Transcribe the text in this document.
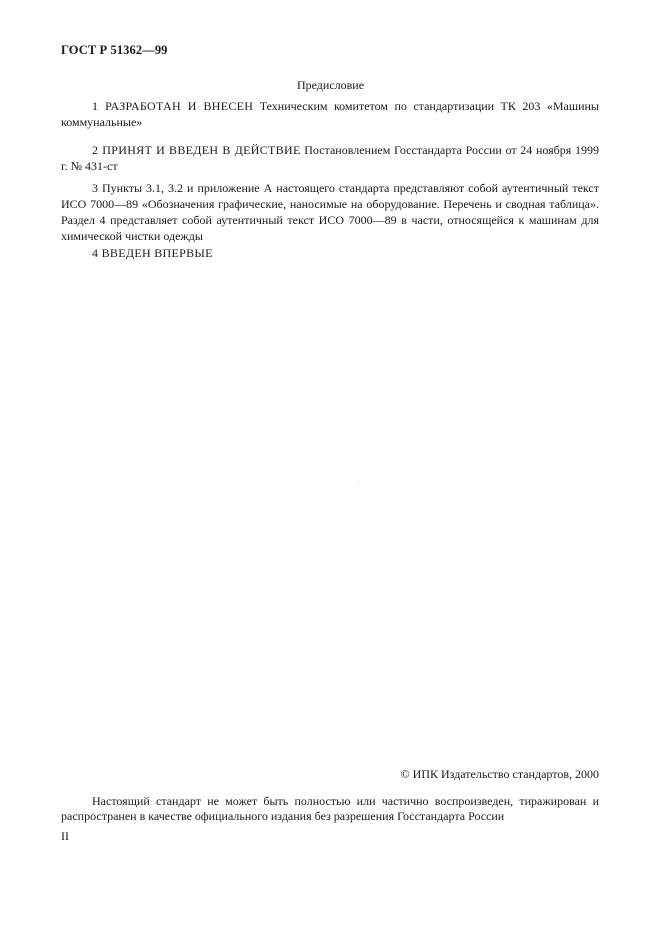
ГОСТ Р 51362—99
Предисловие
1 РАЗРАБОТАН И ВНЕСЕН Техническим комитетом по стандартизации ТК 203 «Машины коммунальные»
2 ПРИНЯТ И ВВЕДЕН В ДЕЙСТВИЕ Постановлением Госстандарта России от 24 ноября 1999 г. № 431-ст
3 Пункты 3.1, 3.2 и приложение А настоящего стандарта представляют собой аутентичный текст ИСО 7000—89 «Обозначения графические, наносимые на оборудование. Перечень и сводная таблица». Раздел 4 представляет собой аутентичный текст ИСО 7000—89 в части, относящейся к машинам для химической чистки одежды
4 ВВЕДЕН ВПЕРВЫЕ
© ИПК Издательство стандартов, 2000
Настоящий стандарт не может быть полностью или частично воспроизведен, тиражирован и распространен в качестве официального издания без разрешения Госстандарта России
II
